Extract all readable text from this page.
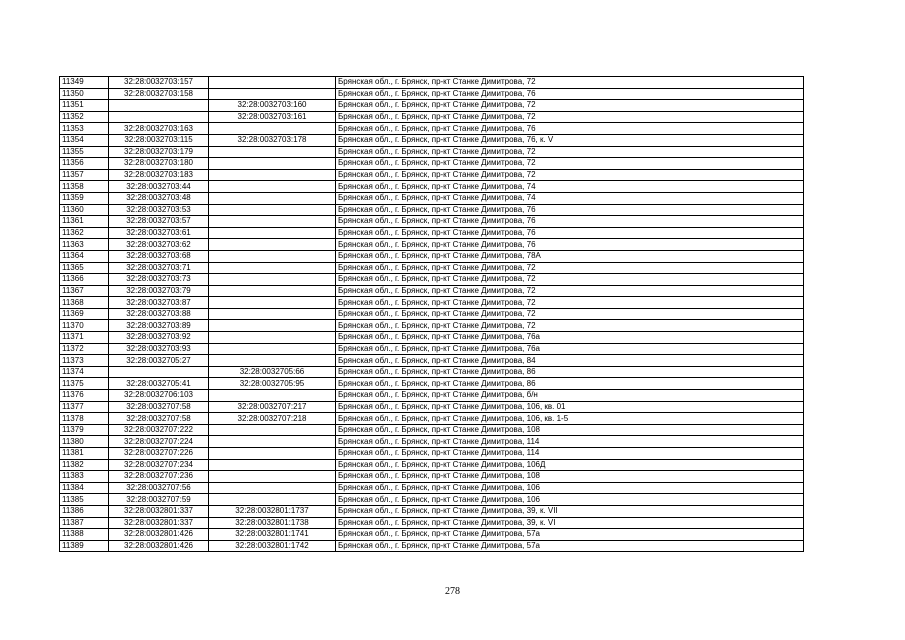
11349	32:28:0032703:157		Брянская обл., г. Брянск, пр-кт Станке Димитрова, 72
11350	32:28:0032703:158		Брянская обл., г. Брянск, пр-кт Станке Димитрова, 76
11351		32:28:0032703:160	Брянская обл., г. Брянск, пр-кт Станке Димитрова, 72
11352		32:28:0032703:161	Брянская обл., г. Брянск, пр-кт Станке Димитрова, 72
11353	32:28:0032703:163		Брянская обл., г. Брянск, пр-кт Станке Димитрова, 76
11354	32:28:0032703:115	32:28:0032703:178	Брянская обл., г. Брянск, пр-кт Станке Димитрова, 76, к. V
11355	32:28:0032703:179		Брянская обл., г. Брянск, пр-кт Станке Димитрова, 72
11356	32:28:0032703:180		Брянская обл., г. Брянск, пр-кт Станке Димитрова, 72
11357	32:28:0032703:183		Брянская обл., г. Брянск, пр-кт Станке Димитрова, 72
11358	32:28:0032703:44		Брянская обл., г. Брянск, пр-кт Станке Димитрова, 74
11359	32:28:0032703:48		Брянская обл., г. Брянск, пр-кт Станке Димитрова, 74
11360	32:28:0032703:53		Брянская обл., г. Брянск, пр-кт Станке Димитрова, 76
11361	32:28:0032703:57		Брянская обл., г. Брянск, пр-кт Станке Димитрова, 76
11362	32:28:0032703:61		Брянская обл., г. Брянск, пр-кт Станке Димитрова, 76
11363	32:28:0032703:62		Брянская обл., г. Брянск, пр-кт Станке Димитрова, 76
11364	32:28:0032703:68		Брянская обл., г. Брянск, пр-кт Станке Димитрова, 78А
11365	32:28:0032703:71		Брянская обл., г. Брянск, пр-кт Станке Димитрова, 72
11366	32:28:0032703:73		Брянская обл., г. Брянск, пр-кт Станке Димитрова, 72
11367	32:28:0032703:79		Брянская обл., г. Брянск, пр-кт Станке Димитрова, 72
11368	32:28:0032703:87		Брянская обл., г. Брянск, пр-кт Станке Димитрова, 72
11369	32:28:0032703:88		Брянская обл., г. Брянск, пр-кт Станке Димитрова, 72
11370	32:28:0032703:89		Брянская обл., г. Брянск, пр-кт Станке Димитрова, 72
11371	32:28:0032703:92		Брянская обл., г. Брянск, пр-кт Станке Димитрова, 76а
11372	32:28:0032703:93		Брянская обл., г. Брянск, пр-кт Станке Димитрова, 76а
11373	32:28:0032705:27		Брянская обл., г. Брянск, пр-кт Станке Димитрова, 84
11374		32:28:0032705:66	Брянская обл., г. Брянск, пр-кт Станке Димитрова, 86
11375	32:28:0032705:41	32:28:0032705:95	Брянская обл., г. Брянск, пр-кт Станке Димитрова, 86
11376	32:28:0032706:103		Брянская обл., г. Брянск, пр-кт Станке Димитрова, б/н
11377	32:28:0032707:58	32:28:0032707:217	Брянская обл., г. Брянск, пр-кт Станке Димитрова, 106, кв. 01
11378	32:28:0032707:58	32:28:0032707:218	Брянская обл., г. Брянск, пр-кт Станке Димитрова, 106, кв. 1-5
11379	32:28:0032707:222		Брянская обл., г. Брянск, пр-кт Станке Димитрова, 108
11380	32:28:0032707:224		Брянская обл., г. Брянск, пр-кт Станке Димитрова, 114
11381	32:28:0032707:226		Брянская обл., г. Брянск, пр-кт Станке Димитрова, 114
11382	32:28:0032707:234		Брянская обл., г. Брянск, пр-кт Станке Димитрова, 106Д
11383	32:28:0032707:236		Брянская обл., г. Брянск, пр-кт Станке Димитрова, 108
11384	32:28:0032707:56		Брянская обл., г. Брянск, пр-кт Станке Димитрова, 106
11385	32:28:0032707:59		Брянская обл., г. Брянск, пр-кт Станке Димитрова, 106
11386	32:28:0032801:337	32:28:0032801:1737	Брянская обл., г. Брянск, пр-кт Станке Димитрова, 39, к. VII
11387	32:28:0032801:337	32:28:0032801:1738	Брянская обл., г. Брянск, пр-кт Станке Димитрова, 39, к. VI
11388	32:28:0032801:426	32:28:0032801:1741	Брянская обл., г. Брянск, пр-кт Станке Димитрова, 57а
11389	32:28:0032801:426	32:28:0032801:1742	Брянская обл., г. Брянск, пр-кт Станке Димитрова, 57а
278
